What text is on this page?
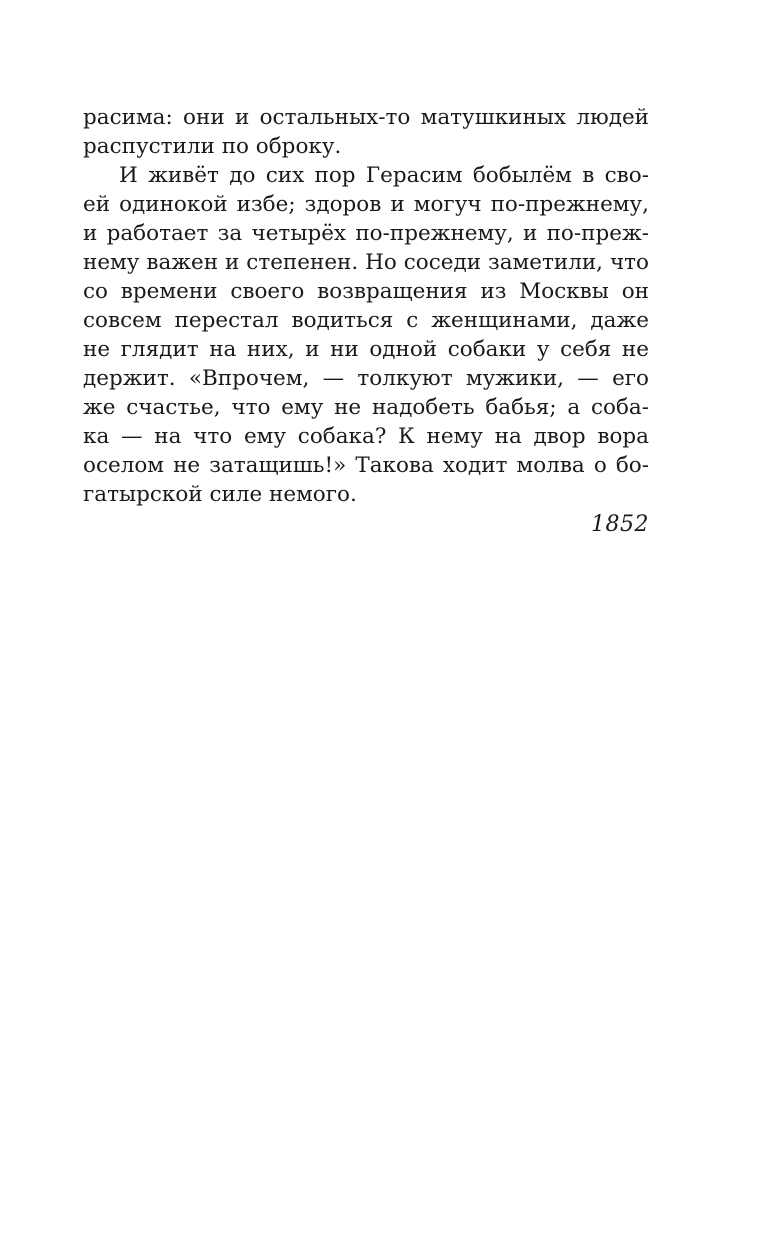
расима: они и остальных-то матушкиных людей
распустили по оброку.
И живёт до сих пор Герасим бобылём в сво-
ей одинокой избе; здоров и могуч по-прежнему,
и работает за четырёх по-прежнему, и по-преж-
нему важен и степенен. Но соседи заметили, что
со времени своего возвращения из Москвы он
совсем перестал водиться с женщинами, даже
не глядит на них, и ни одной собаки у себя не
держит. «Впрочем, — толкуют мужики, — его
же счастье, что ему не надобеть бабья; а соба-
ка — на что ему собака? К нему на двор вора
оселом не затащишь!» Такова ходит молва о бо-
гатырской силе немого.
1852
